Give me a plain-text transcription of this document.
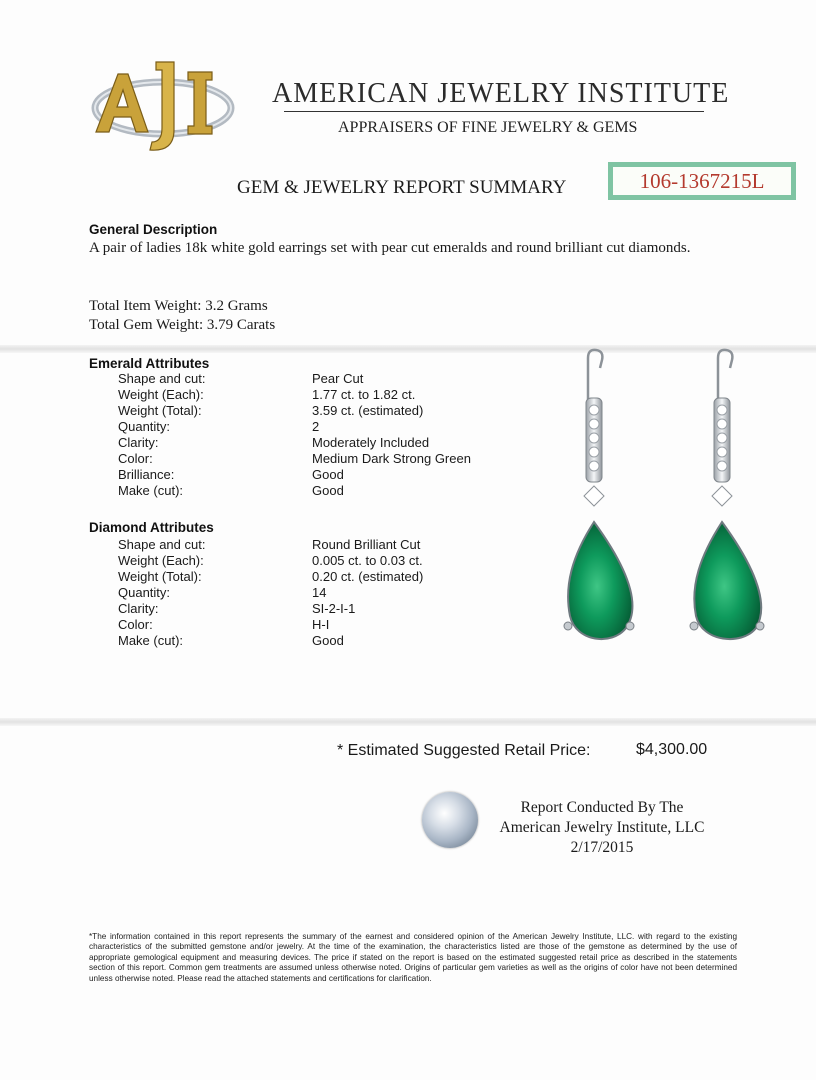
AMERICAN JEWELRY INSTITUTE
APPRAISERS OF FINE JEWELRY & GEMS
GEM & JEWELRY REPORT SUMMARY	106-1367215L
General Description
A pair of ladies 18k white gold earrings set with pear cut emeralds and round brilliant cut diamonds.
Total Item Weight: 3.2 Grams
Total Gem Weight: 3.79 Carats
Emerald Attributes
Shape and cut:	Pear Cut
Weight (Each):	1.77 ct. to 1.82 ct.
Weight (Total):	3.59 ct. (estimated)
Quantity:	2
Clarity:	Moderately Included
Color:	Medium Dark Strong Green
Brilliance:	Good
Make (cut):	Good
Diamond Attributes
Shape and cut:	Round Brilliant Cut
Weight (Each):	0.005 ct. to 0.03 ct.
Weight (Total):	0.20 ct. (estimated)
Quantity:	14
Clarity:	SI-2-I-1
Color:	H-I
Make (cut):	Good
* Estimated Suggested Retail Price:	$4,300.00
Report Conducted By The
American Jewelry Institute, LLC
2/17/2015
*The information contained in this report represents the summary of the earnest and considered opinion of the American Jewelry Institute, LLC. with regard to the existing characteristics of the submitted gemstone and/or jewelry. At the time of the examination, the characteristics listed are those of the gemstone as determined by the use of appropriate gemological equipment and measuring devices. The price if stated on the report is based on the estimated suggested retail price as described in the statements section of this report. Common gem treatments are assumed unless otherwise noted. Origins of particular gem varieties as well as the origins of color have not been determined unless otherwise noted. Please read the attached statements and certifications for clarification.
